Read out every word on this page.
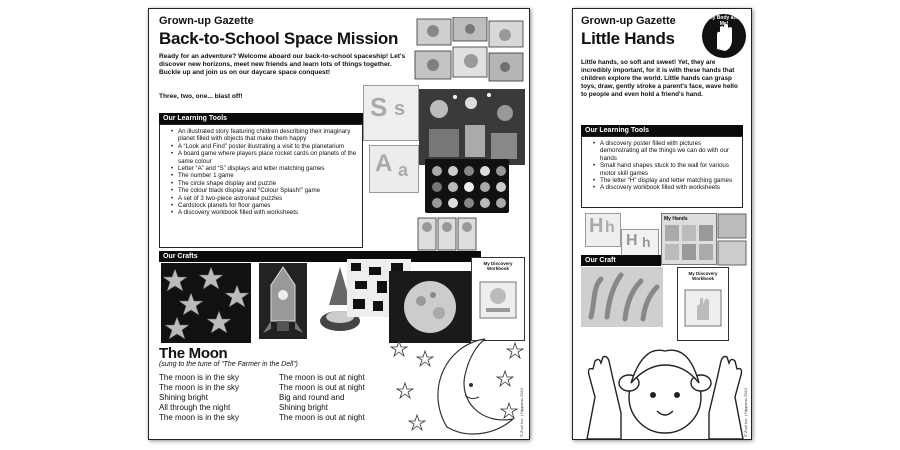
Grown-up Gazette
Back-to-School Space Mission
Ready for an adventure? Welcome aboard our back-to-school spaceship! Let's discover new horizons, meet new friends and learn lots of things together. Buckle up and join us on our daycare space conquest!
Three, two, one... blast off!	S s
A a
Our Learning Tools
• An illustrated story featuring children describing their imaginary planet filled with objects that make them happy
• A “Look and Find” poster illustrating a visit to the planetarium
• A board game where players place rocket cards on planets of the same colour
• Letter “A” and “S” displays and letter matching games
• The number 1 game
• The circle shape display and puzzle
• The colour black display and “Colour Splash!” game
• A set of 3 two-piece astronaut puzzles
• Cardstock planets for floor games
• A discovery workbook filled with worksheets
Our Crafts
My Discovery Workbook
The Moon
(sung to the tune of “The Farmer in the Dell”)
The moon is in the sky
The moon is in the sky
Shining bright
All through the night
The moon is in the sky
The moon is out at night
The moon is out at night
Big and round and
Shining bright
The moon is out at night	© Zoo! Inc. | Hippomo 2024
Grown-up Gazette
Little Hands
My Body and Me!
Little hands, so soft and sweet! Yet, they are incredibly important, for it is with these hands that children explore the world. Little hands can grasp toys, draw, gently stroke a parent's face, wave hello to people and even hold a friend's hand.
Our Learning Tools
• A discovery poster filled with pictures demonstrating all the things we can do with our hands
• Small hand shapes stuck to the wall for various motor skill games
• The letter “H” display and letter matching games
• A discovery workbook filled with worksheets
H h
H h
My Hands
Our Craft
My Discovery Workbook
© Zoo! Inc. | Hippomo 2024
